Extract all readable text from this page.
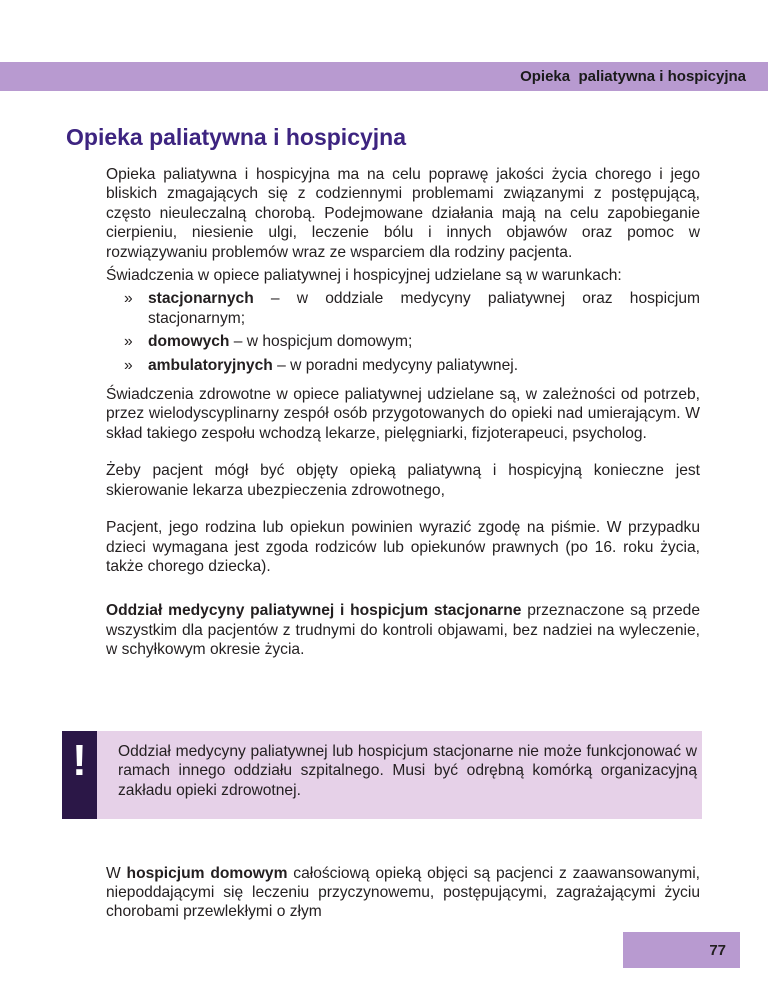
Opieka  paliatywna i hospicyjna
Opieka paliatywna i hospicyjna

Opieka paliatywna i hospicyjna ma na celu poprawę jakości życia chorego i jego bliskich zmagających się z codziennymi problemami związanymi z postępującą, często nieuleczalną chorobą. Podejmowane działania mają na celu zapobieganie cierpieniu, niesienie ulgi, leczenie bólu i innych objawów oraz pomoc w rozwiązywaniu problemów wraz ze wsparciem dla rodziny pacjenta.

Świadczenia w opiece paliatywnej i hospicyjnej udzielane są w warunkach:

» stacjonarnych – w oddziale medycyny paliatywnej oraz hospicjum stacjonarnym;
» domowych – w hospicjum domowym;
» ambulatoryjnych – w poradni medycyny paliatywnej.

Świadczenia zdrowotne w opiece paliatywnej udzielane są, w zależności od potrzeb, przez wielodyscyplinarny zespół osób przygotowanych do opieki nad umierającym. W skład takiego zespołu wchodzą lekarze, pielęgniarki, fizjoterapeuci, psycholog.

Żeby pacjent mógł być objęty opieką paliatywną i hospicyjną konieczne jest skierowanie lekarza ubezpieczenia zdrowotnego,

Pacjent, jego rodzina lub opiekun powinien wyrazić zgodę na piśmie. W przypadku dzieci wymagana jest zgoda rodziców lub opiekunów prawnych (po 16. roku życia, także chorego dziecka).

Oddział medycyny paliatywnej i hospicjum stacjonarne przeznaczone są przede wszystkim dla pacjentów z trudnymi do kontroli objawami, bez nadziei na wyleczenie, w schyłkowym okresie życia.

!	Oddział medycyny paliatywnej lub hospicjum stacjonarne nie może funkcjonować w ramach innego oddziału szpitalnego. Musi być odrębną komórką organizacyjną zakładu opieki zdrowotnej.

W hospicjum domowym całościową opieką objęci są pacjenci z zaawansowanymi, niepoddającymi się leczeniu przyczynowemu, postępującymi, zagrażającymi życiu chorobami przewlekłymi o złym

77
